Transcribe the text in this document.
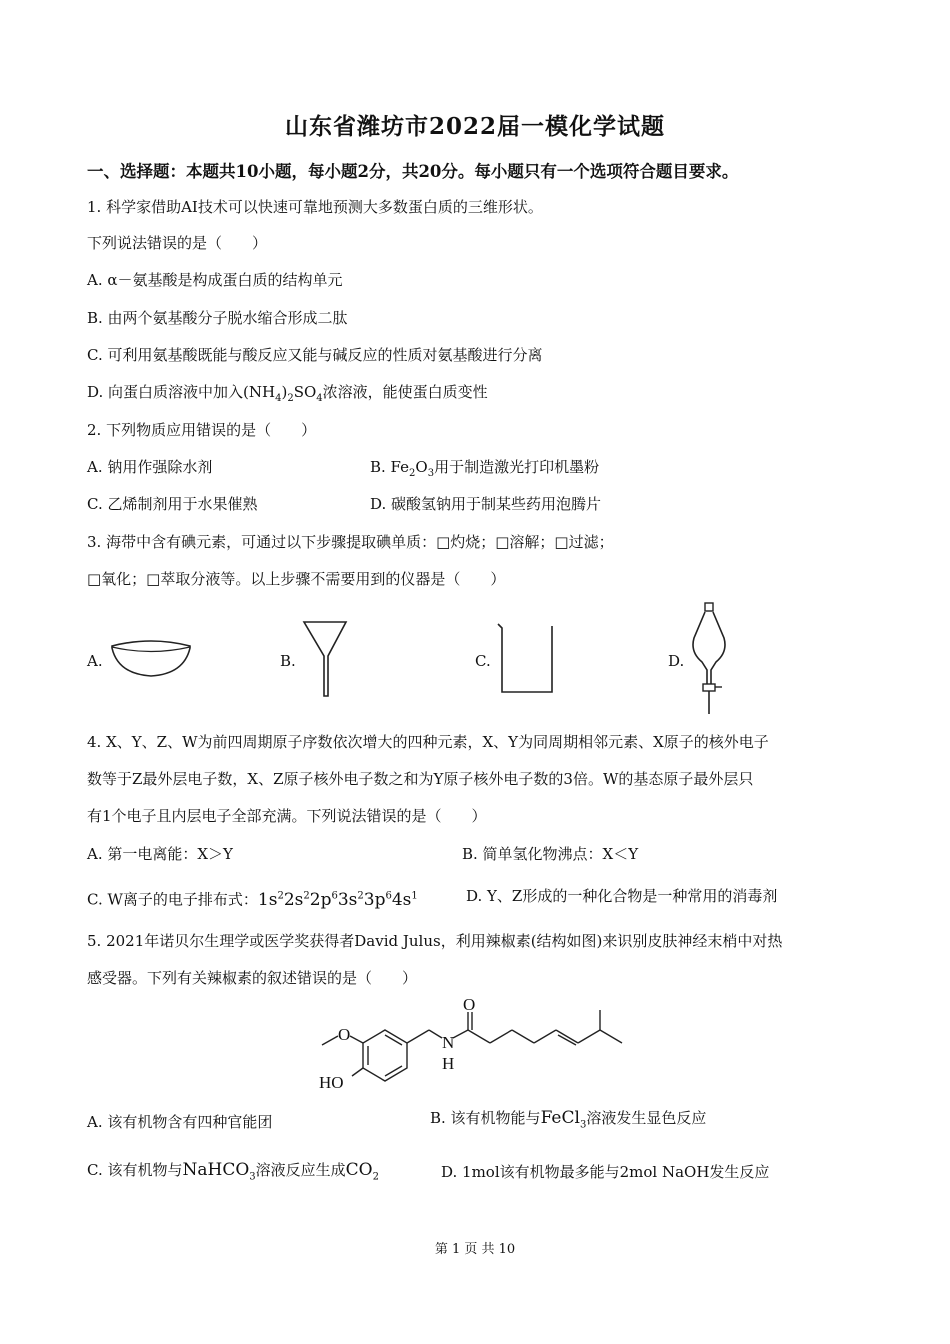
山东省潍坊市2022届一模化学试题
一、选择题：本题共10小题，每小题2分，共20分。每小题只有一个选项符合题目要求。
1. 科学家借助AI技术可以快速可靠地预测大多数蛋白质的三维形状。
下列说法错误的是（　　）
A. α－氨基酸是构成蛋白质的结构单元
B. 由两个氨基酸分子脱水缩合形成二肽
C. 可利用氨基酸既能与酸反应又能与碱反应的性质对氨基酸进行分离
D. 向蛋白质溶液中加入$(NH_4)_2SO_4$浓溶液，能使蛋白质变性
2. 下列物质应用错误的是（　　）
A. 钠用作强除水剂	B. $Fe_2O_3$用于制造激光打印机墨粉
C. 乙烯制剂用于水果催熟	D. 碳酸氢钠用于制某些药用泡腾片
3. 海带中含有碘元素，可通过以下步骤提取碘单质：□灼烧；□溶解；□过滤；
□氧化；□萃取分液等。以上步骤不需要用到的仪器是（　　）
A.	B.	C.	D.
4. X、Y、Z、W为前四周期原子序数依次增大的四种元素，X、Y为同周期相邻元素、X原子的核外电子
数等于Z最外层电子数，X、Z原子核外电子数之和为Y原子核外电子数的3倍。W的基态原子最外层只
有1个电子且内层电子全部充满。下列说法错误的是（　　）
A. 第一电离能：X＞Y	B. 简单氢化物沸点：X＜Y
C. W离子的电子排布式：$1s^22s^22p^63s^23p^64s^1$	D. Y、Z形成的一种化合物是一种常用的消毒剂
5. 2021年诺贝尔生理学或医学奖获得者David Julus，利用辣椒素(结构如图)来识别皮肤神经末梢中对热
感受器。下列有关辣椒素的叙述错误的是（　　）
O
HO
N
H
O
A. 该有机物含有四种官能团	B. 该有机物能与FeCl$_3$溶液发生显色反应
C. 该有机物与NaHCO$_3$溶液反应生成$CO_2$	D. 1mol该有机物最多能与2mol NaOH发生反应
第 1 页 共 10
